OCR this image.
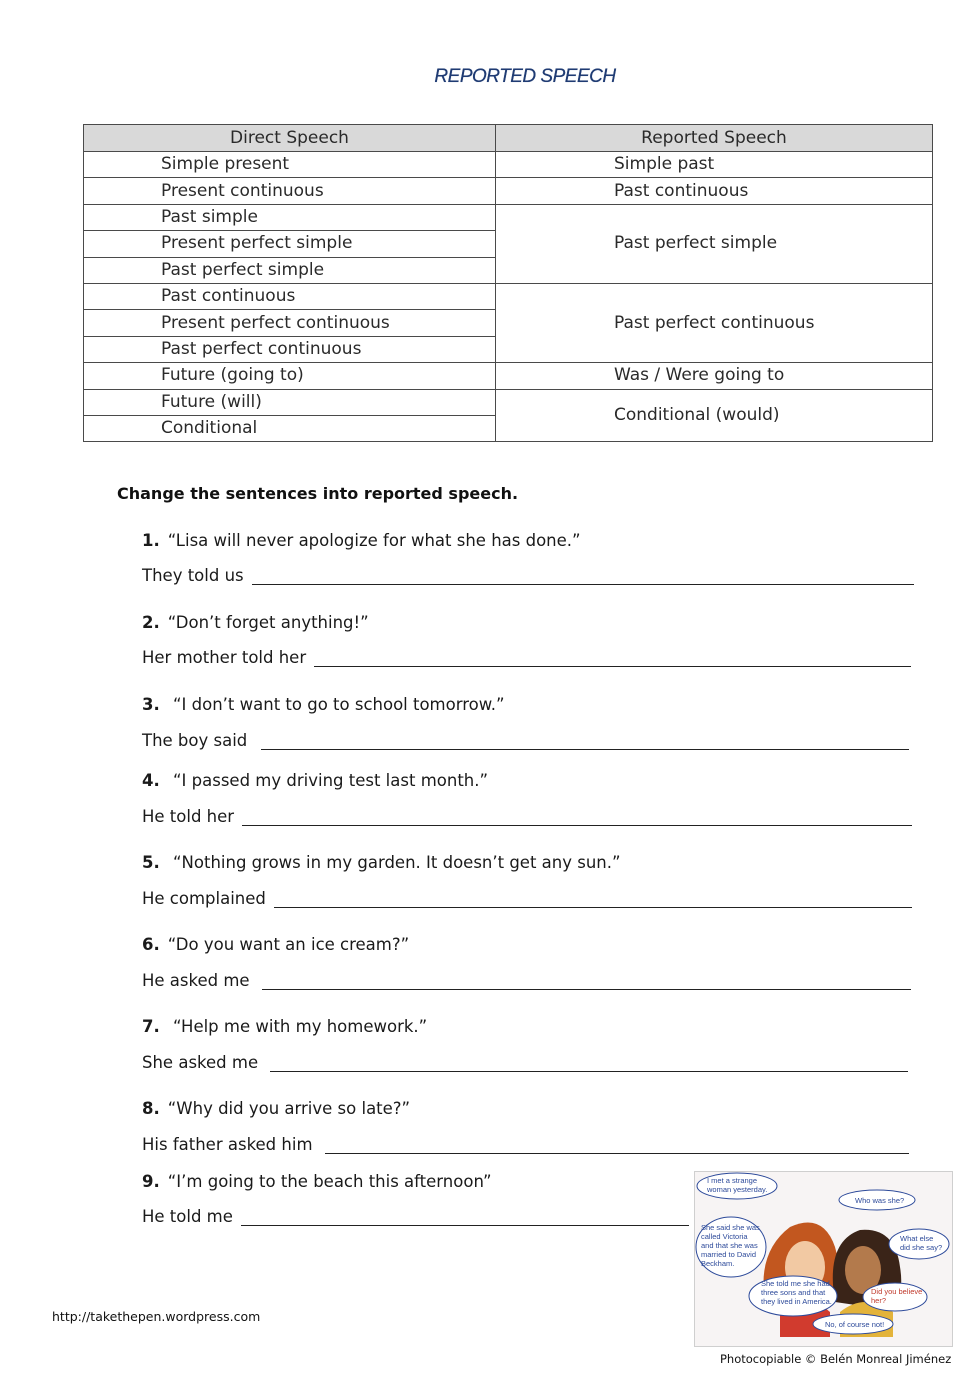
REPORTED SPEECH
Direct Speech	Reported Speech
Simple present	Simple past
Present continuous	Past continuous
Past simple	Past perfect simple
Present perfect simple	
Past perfect simple	
Past continuous	Past perfect continuous
Present perfect continuous	
Past perfect continuous	
Future (going to)	Was / Were going to
Future (will)	Conditional (would)
Conditional	
Change the sentences into reported speech.
1. “Lisa will never apologize for what she has done.”
They told us
2. “Don’t forget anything!”
Her mother told her
3. “I don’t want to go to school tomorrow.”
The boy said
4. “I passed my driving test last month.”
He told her
5. “Nothing grows in my garden. It doesn’t get any sun.”
He complained
6. “Do you want an ice cream?”
He asked me
7. “Help me with my homework.”
She asked me
8. “Why did you arrive so late?”
His father asked him
9. “I’m going to the beach this afternoon”
He told me
I met a strange
woman yesterday.
Who was she?
She said she was
called Victoria
and that she was
married to David
Beckham.
What else
did she say?
She told me she had
three sons and that
they lived in America.
Did you believe
her?
No, of course not!
http://takethepen.wordpress.com
Photocopiable © Belén Monreal Jiménez
